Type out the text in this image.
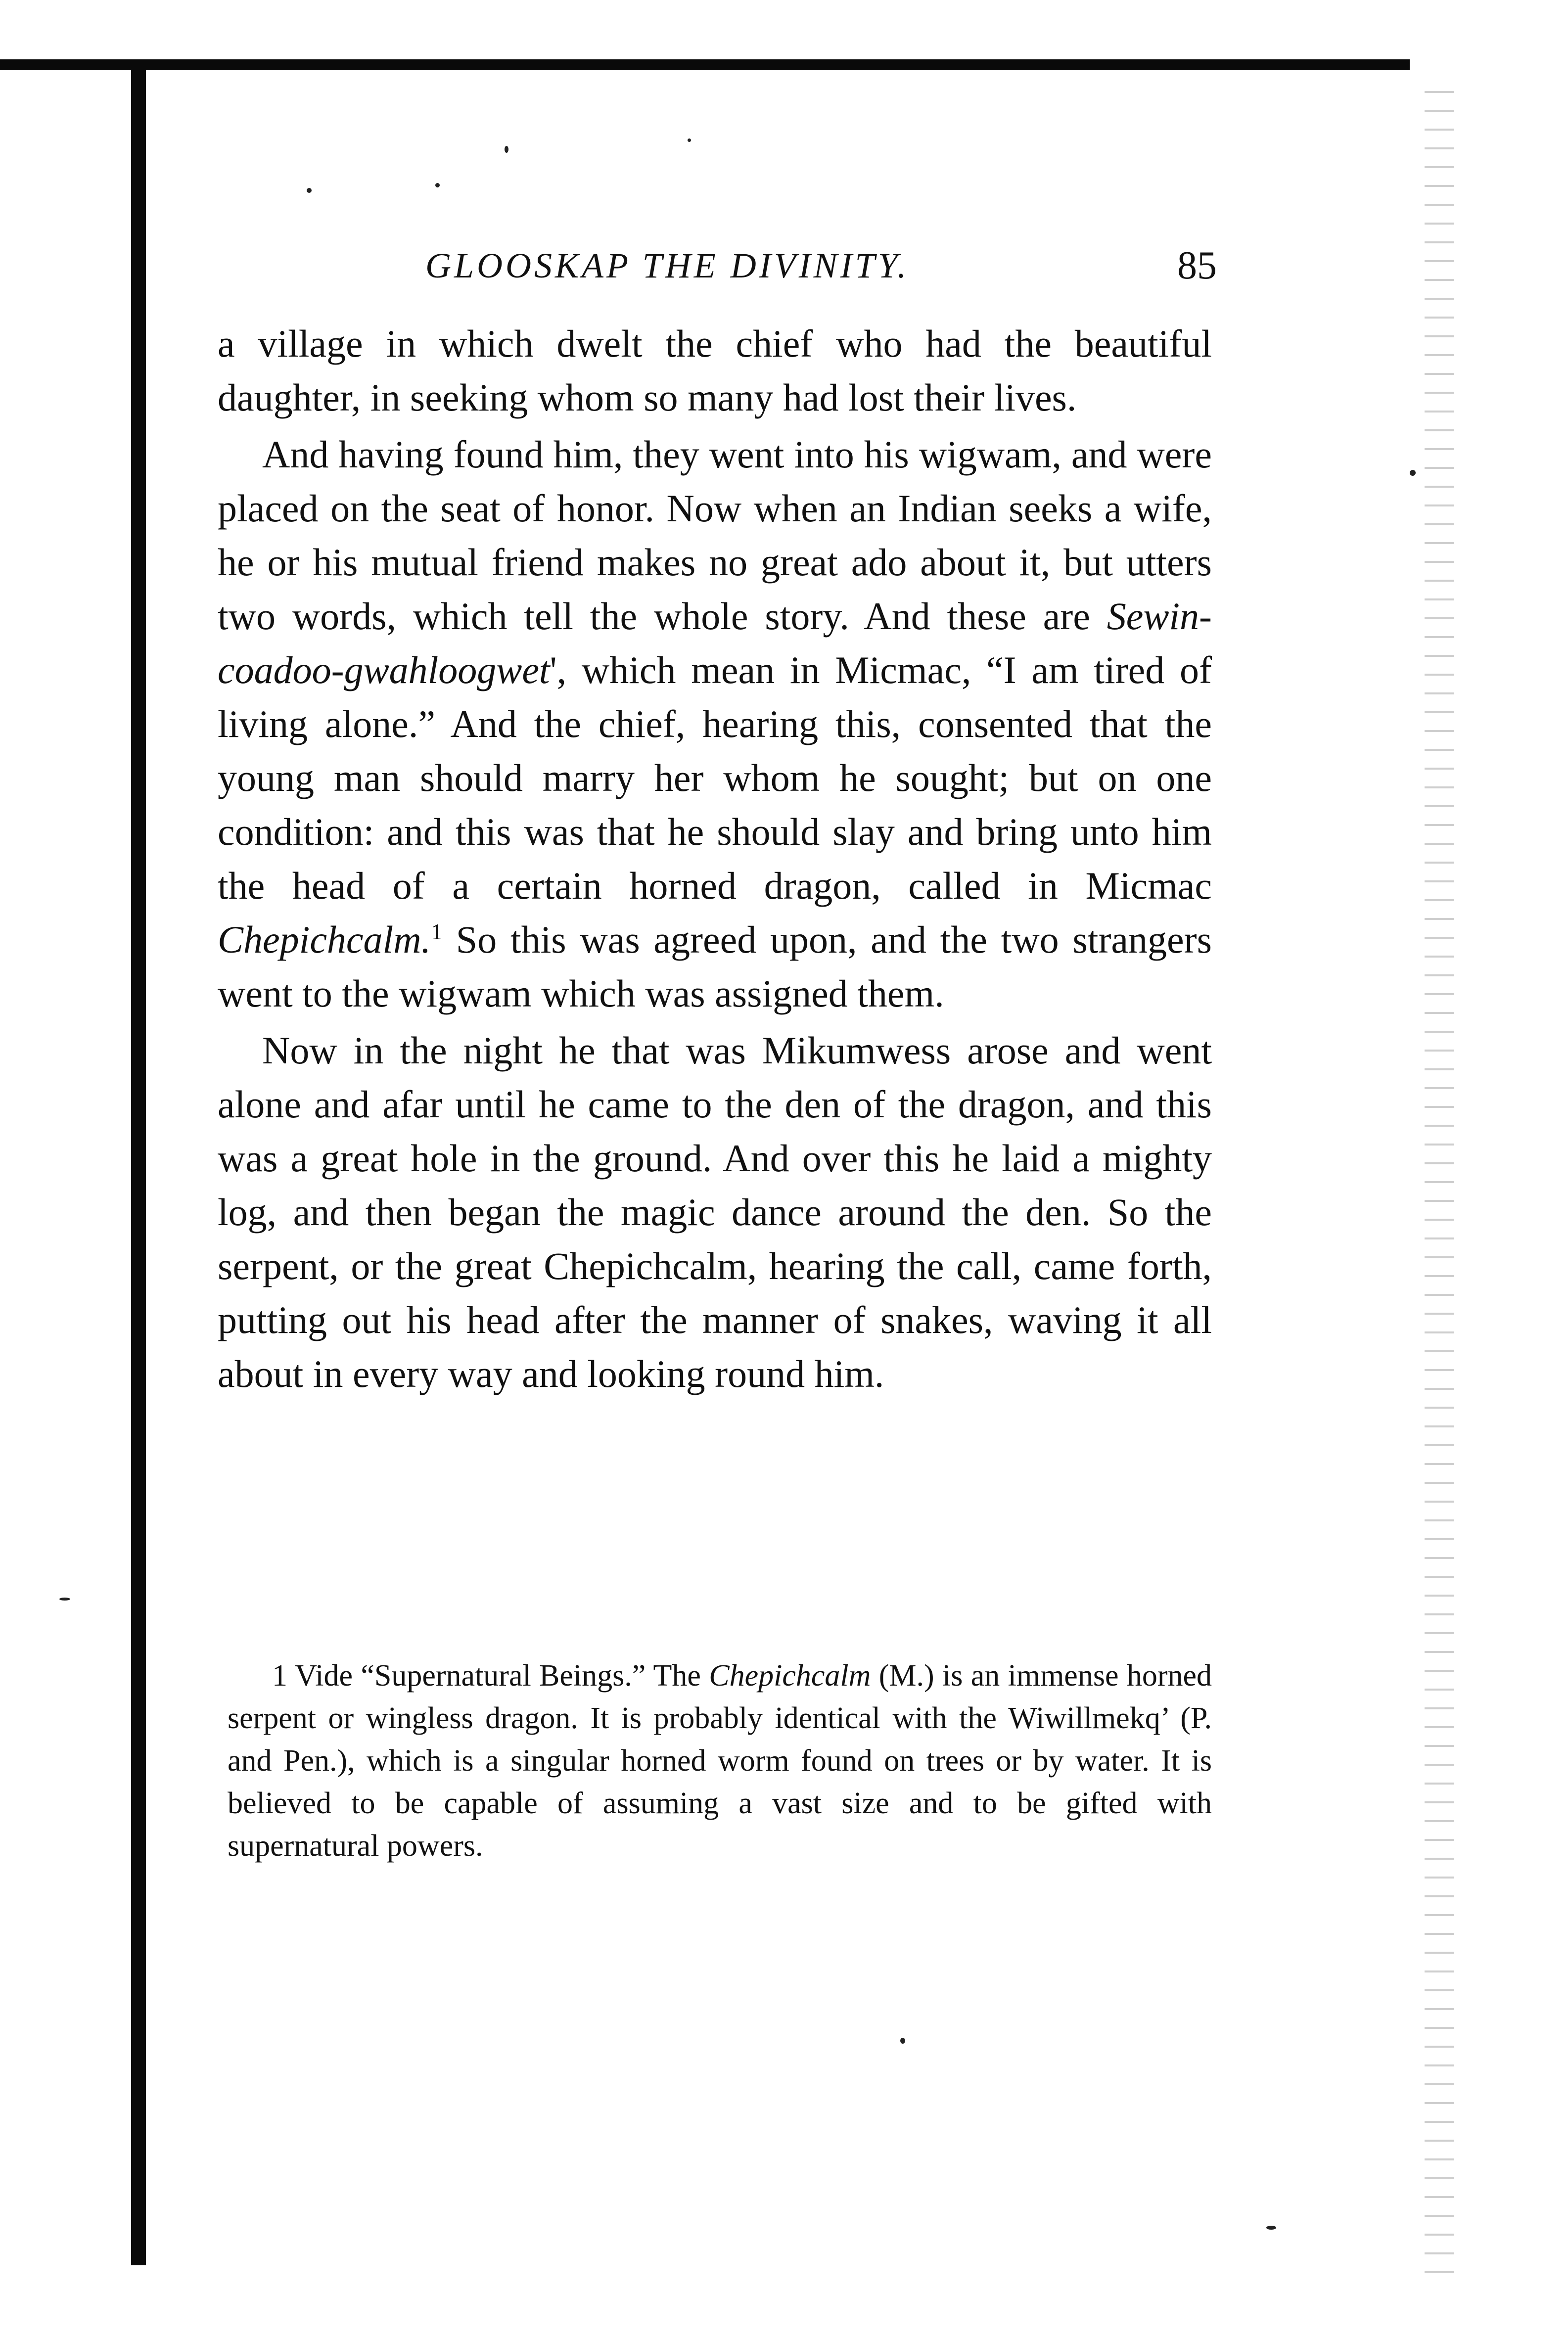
GLOOSKAP THE DIVINITY.	85

a village in which dwelt the chief who had the beautiful daughter, in seeking whom so many had lost their lives.

And having found him, they went into his wigwam, and were placed on the seat of honor. Now when an Indian seeks a wife, he or his mutual friend makes no great ado about it, but utters two words, which tell the whole story. And these are Sewin-coadoo-gwahloogwet', which mean in Micmac, “I am tired of living alone.” And the chief, hearing this, consented that the young man should marry her whom he sought; but on one condition: and this was that he should slay and bring unto him the head of a certain horned dragon, called in Micmac Chepichcalm.$^1$ So this was agreed upon, and the two strangers went to the wigwam which was assigned them.

Now in the night he that was Mikumwess arose and went alone and afar until he came to the den of the dragon, and this was a great hole in the ground. And over this he laid a mighty log, and then began the magic dance around the den. So the serpent, or the great Chepichcalm, hearing the call, came forth, putting out his head after the manner of snakes, waving it all about in every way and looking round him.

1 Vide “Supernatural Beings.” The Chepichcalm (M.) is an immense horned serpent or wingless dragon. It is probably identical with the Wiwillmekq’ (P. and Pen.), which is a singular horned worm found on trees or by water. It is believed to be capable of assuming a vast size and to be gifted with supernatural powers.
